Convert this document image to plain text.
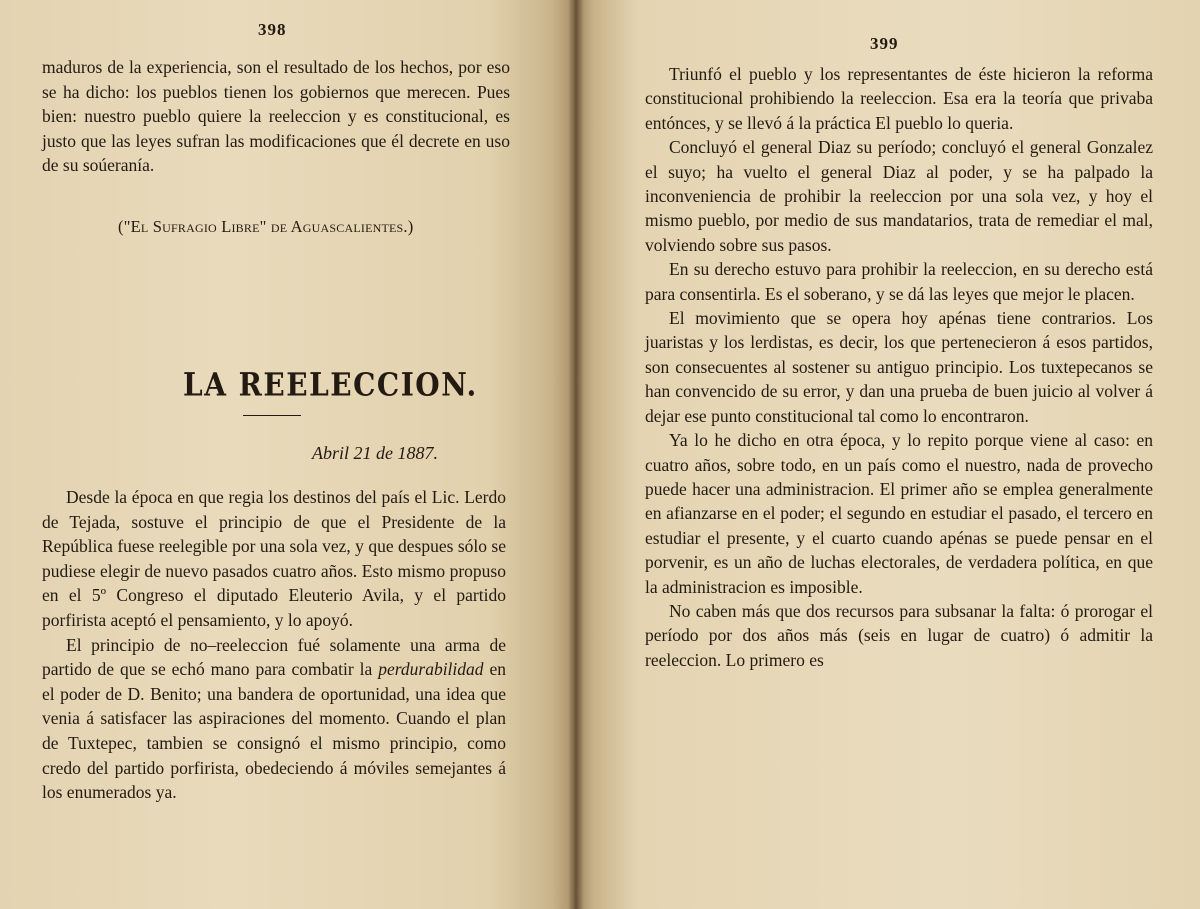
398

maduros de la experiencia, son el resultado de los hechos, por eso se ha dicho: los pueblos tienen los gobiernos que merecen. Pues bien: nuestro pueblo quiere la reeleccion y es constitucional, es justo que las leyes sufran las modificaciones que él decrete en uso de su soúeranía.

("El Sufragio Libre" de Aguascalientes.)
LA REELECCION.
Abril 21 de 1887.

Desde la época en que regia los destinos del país el Lic. Lerdo de Tejada, sostuve el principio de que el Presidente de la República fuese reelegible por una sola vez, y que despues sólo se pudiese elegir de nuevo pasados cuatro años. Esto mismo propuso en el 5º Congreso el diputado Eleuterio Avila, y el partido porfirista aceptó el pensamiento, y lo apoyó.

El principio de no–reeleccion fué solamente una arma de partido de que se echó mano para combatir la perdurabilidad en el poder de D. Benito; una bandera de oportunidad, una idea que venia á satisfacer las aspiraciones del momento. Cuando el plan de Tuxtepec, tambien se consignó el mismo principio, como credo del partido porfirista, obedeciendo á móviles semejantes á los enumerados ya.

399

Triunfó el pueblo y los representantes de éste hicieron la reforma constitucional prohibiendo la reeleccion. Esa era la teoría que privaba entónces, y se llevó á la práctica El pueblo lo queria.

Concluyó el general Diaz su período; concluyó el general Gonzalez el suyo; ha vuelto el general Diaz al poder, y se ha palpado la inconveniencia de prohibir la reeleccion por una sola vez, y hoy el mismo pueblo, por medio de sus mandatarios, trata de remediar el mal, volviendo sobre sus pasos.

En su derecho estuvo para prohibir la reeleccion, en su derecho está para consentirla. Es el soberano, y se dá las leyes que mejor le placen.

El movimiento que se opera hoy apénas tiene contrarios. Los juaristas y los lerdistas, es decir, los que pertenecieron á esos partidos, son consecuentes al sostener su antiguo principio. Los tuxtepecanos se han convencido de su error, y dan una prueba de buen juicio al volver á dejar ese punto constitucional tal como lo encontraron.

Ya lo he dicho en otra época, y lo repito porque viene al caso: en cuatro años, sobre todo, en un país como el nuestro, nada de provecho puede hacer una administracion. El primer año se emplea generalmente en afianzarse en el poder; el segundo en estudiar el pasado, el tercero en estudiar el presente, y el cuarto cuando apénas se puede pensar en el porvenir, es un año de luchas electorales, de verdadera política, en que la administracion es imposible.

No caben más que dos recursos para subsanar la falta: ó prorogar el período por dos años más (seis en lugar de cuatro) ó admitir la reeleccion. Lo primero es
